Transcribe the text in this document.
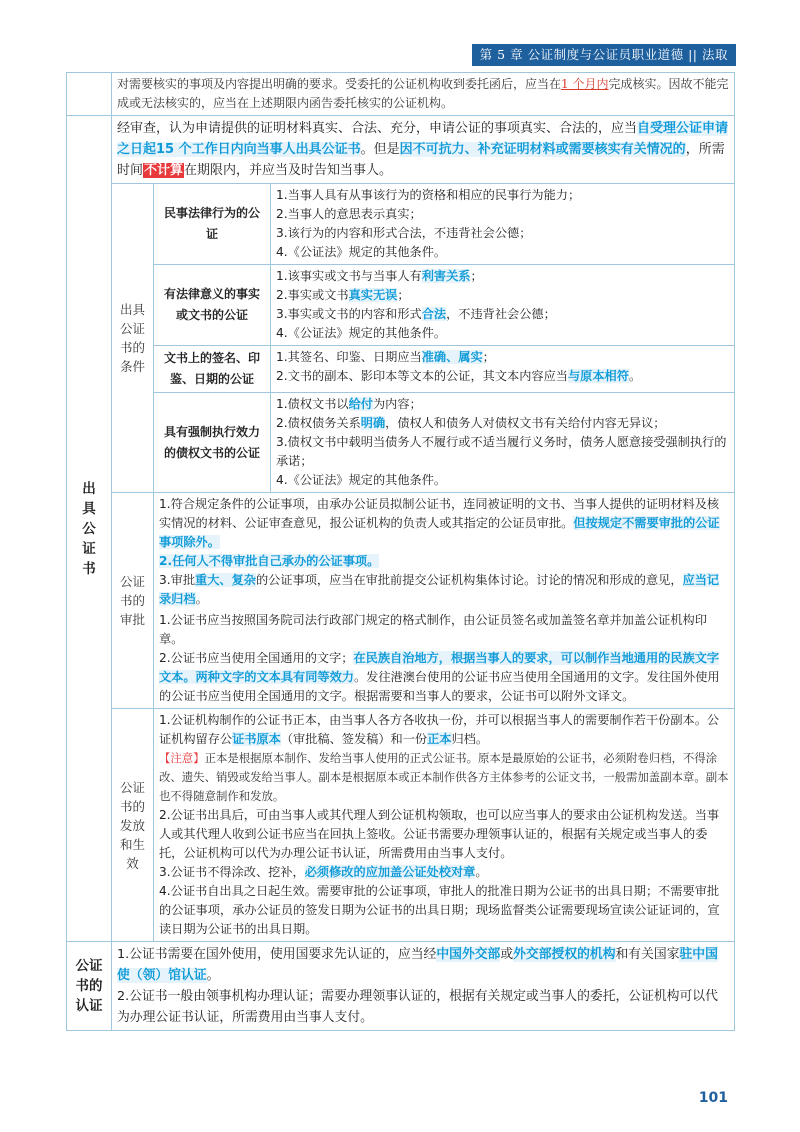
第 5 章 公证制度与公证员职业道德 || 法取
	对需要核实的事项及内容提出明确的要求。受委托的公证机构收到委托函后，应当在1 个月内完成核实。因故不能完成或无法核实的，应当在上述期限内函告委托核实的公证机构。		
出具公证书	经审查，认为申请提供的证明材料真实、合法、充分，申请公证的事项真实、合法的，应当自受理公证申请之日起15 个工作日内向当事人出具公证书。但是因不可抗力、补充证明材料或需要核实有关情况的，所需时间不计算在期限内，并应当及时告知当事人。		
	出具公证书的条件	民事法律行为的公证	1.当事人具有从事该行为的资格和相应的民事行为能力；
2.当事人的意思表示真实；
3.该行为的内容和形式合法，不违背社会公德；
4.《公证法》规定的其他条件。

		有法律意义的事实或文书的公证	1.该事实或文书与当事人有利害关系；
2.事实或文书真实无误；
3.事实或文书的内容和形式合法，不违背社会公德；
4.《公证法》规定的其他条件。

		文书上的签名、印鉴、日期的公证	1.其签名、印鉴、日期应当准确、属实；
2.文书的副本、影印本等文本的公证，其文本内容应当与原本相符。

		具有强制执行效力的债权文书的公证	1.债权文书以给付为内容；
2.债权债务关系明确，债权人和债务人对债权文书有关给付内容无异议；
3.债权文书中载明当债务人不履行或不适当履行义务时，债务人愿意接受强制执行的承诺；
4.《公证法》规定的其他条件。

	公证书的审批	1.符合规定条件的公证事项，由承办公证员拟制公证书，连同被证明的文书、当事人提供的证明材料及核实情况的材料、公证审查意见，报公证机构的负责人或其指定的公证员审批。但按规定不需要审批的公证事项除外。
2.任何人不得审批自己承办的公证事项。
3.审批重大、复杂的公证事项，应当在审批前提交公证机构集体讨论。讨论的情况和形成的意见，应当记录归档。
1.公证书应当按照国务院司法行政部门规定的格式制作，由公证员签名或加盖签名章并加盖公证机构印章。
2.公证书应当使用全国通用的文字；在民族自治地方，根据当事人的要求，可以制作当地通用的民族文字文本。两种文字的文本具有同等效力。发往港澳台使用的公证书应当使用全国通用的文字。发往国外使用的公证书应当使用全国通用的文字。根据需要和当事人的要求，公证书可以附外文译文。	

	公证书的发放和生效	1.公证机构制作的公证书正本，由当事人各方各收执一份，并可以根据当事人的需要制作若干份副本。公证机构留存公证书原本（审批稿、签发稿）和一份正本归档。
【注意】正本是根据原本制作、发给当事人使用的正式公证书。原本是最原始的公证书，必须附卷归档，不得涂改、遗失、销毁或发给当事人。副本是根据原本或正本制作供各方主体参考的公证文书，一般需加盖副本章。副本也不得随意制作和发放。
2.公证书出具后，可由当事人或其代理人到公证机构领取，也可以应当事人的要求由公证机构发送。当事人或其代理人收到公证书应当在回执上签收。公证书需要办理领事认证的，根据有关规定或当事人的委托，公证机构可以代为办理公证书认证，所需费用由当事人支付。
3.公证书不得涂改、挖补，必须修改的应加盖公证处校对章。
4.公证书自出具之日起生效。需要审批的公证事项，审批人的批准日期为公证书的出具日期；不需要审批的公证事项，承办公证员的签发日期为公证书的出具日期；现场监督类公证需要现场宣读公证证词的，宣读日期为公证书的出具日期。	

公证书的认证	1.公证书需要在国外使用，使用国要求先认证的，应当经中国外交部或外交部授权的机构和有关国家驻中国使（领）馆认证。
2.公证书一般由领事机构办理认证；需要办理领事认证的，根据有关规定或当事人的委托，公证机构可以代为办理公证书认证，所需费用由当事人支付。		
101
